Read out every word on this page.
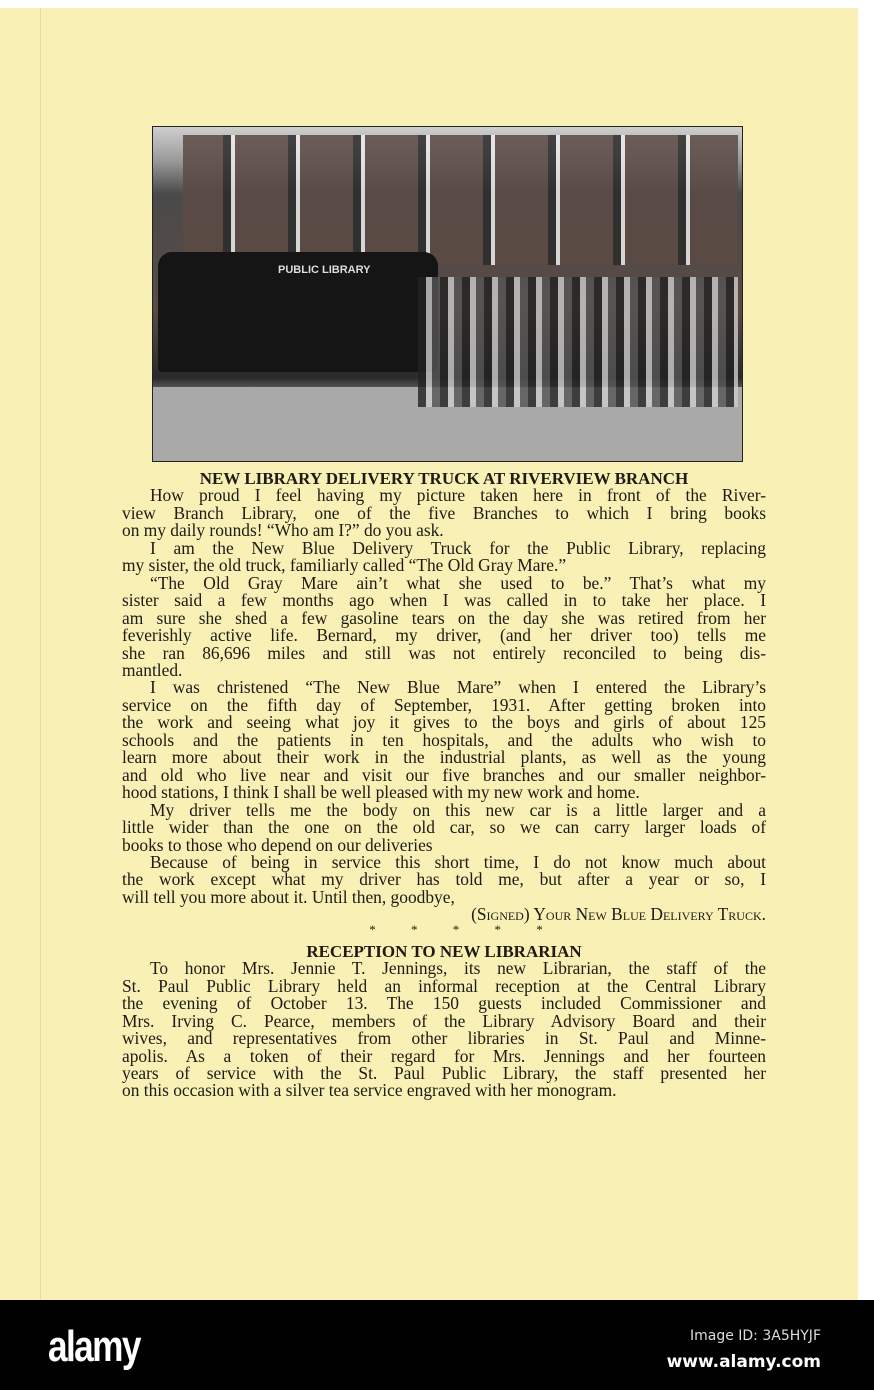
PUBLIC LIBRARY

NEW LIBRARY DELIVERY TRUCK AT RIVERVIEW BRANCH

How proud I feel having my picture taken here in front of the River-
view Branch Library, one of the five Branches to which I bring books
on my daily rounds! “Who am I?” do you ask.
I am the New Blue Delivery Truck for the Public Library, replacing
my sister, the old truck, familiarly called “The Old Gray Mare.”
“The Old Gray Mare ain’t what she used to be.” That’s what my
sister said a few months ago when I was called in to take her place. I
am sure she shed a few gasoline tears on the day she was retired from her
feverishly active life. Bernard, my driver, (and her driver too) tells me
she ran 86,696 miles and still was not entirely reconciled to being dis-
mantled.
I was christened “The New Blue Mare” when I entered the Library’s
service on the fifth day of September, 1931. After getting broken into
the work and seeing what joy it gives to the boys and girls of about 125
schools and the patients in ten hospitals, and the adults who wish to
learn more about their work in the industrial plants, as well as the young
and old who live near and visit our five branches and our smaller neighbor-
hood stations, I think I shall be well pleased with my new work and home.
My driver tells me the body on this new car is a little larger and a
little wider than the one on the old car, so we can carry larger loads of
books to those who depend on our deliveries
Because of being in service this short time, I do not know much about
the work except what my driver has told me, but after a year or so, I
will tell you more about it. Until then, goodbye,
(Signed) Your New Blue Delivery Truck.
* * * * *

RECEPTION TO NEW LIBRARIAN

To honor Mrs. Jennie T. Jennings, its new Librarian, the staff of the
St. Paul Public Library held an informal reception at the Central Library
the evening of October 13. The 150 guests included Commissioner and
Mrs. Irving C. Pearce, members of the Library Advisory Board and their
wives, and representatives from other libraries in St. Paul and Minne-
apolis. As a token of their regard for Mrs. Jennings and her fourteen
years of service with the St. Paul Public Library, the staff presented her
on this occasion with a silver tea service engraved with her monogram.
alamy	Image ID: 3A5HYJF
www.alamy.com
